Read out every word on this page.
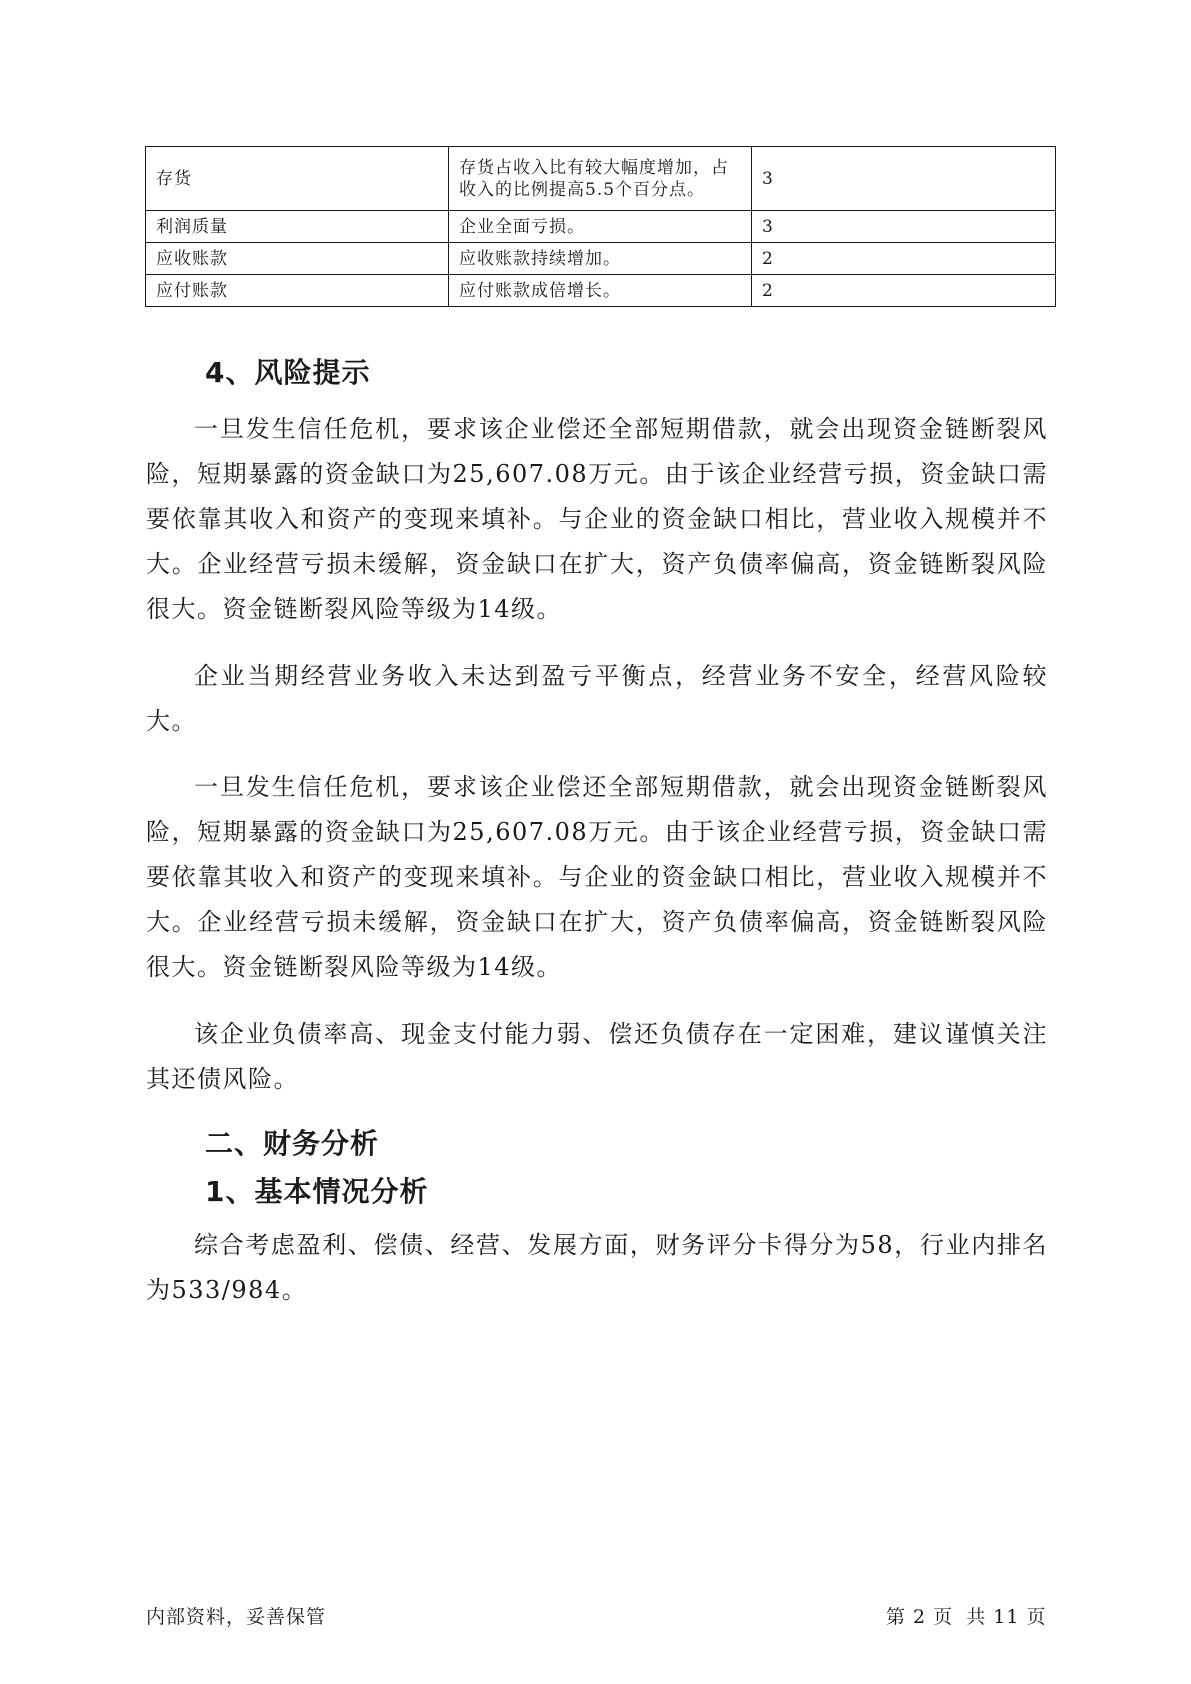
存货	存货占收入比有较大幅度增加，占收入的比例提高5.5个百分点。	3
利润质量	企业全面亏损。	3
应收账款	应收账款持续增加。	2
应付账款	应付账款成倍增长。	2
4、风险提示

一旦发生信任危机，要求该企业偿还全部短期借款，就会出现资金链断裂风险，短期暴露的资金缺口为25,607.08万元。由于该企业经营亏损，资金缺口需要依靠其收入和资产的变现来填补。与企业的资金缺口相比，营业收入规模并不大。企业经营亏损未缓解，资金缺口在扩大，资产负债率偏高，资金链断裂风险很大。资金链断裂风险等级为14级。

企业当期经营业务收入未达到盈亏平衡点，经营业务不安全，经营风险较大。

一旦发生信任危机，要求该企业偿还全部短期借款，就会出现资金链断裂风险，短期暴露的资金缺口为25,607.08万元。由于该企业经营亏损，资金缺口需要依靠其收入和资产的变现来填补。与企业的资金缺口相比，营业收入规模并不大。企业经营亏损未缓解，资金缺口在扩大，资产负债率偏高，资金链断裂风险很大。资金链断裂风险等级为14级。

该企业负债率高、现金支付能力弱、偿还负债存在一定困难，建议谨慎关注其还债风险。

二、财务分析
1、基本情况分析

综合考虑盈利、偿债、经营、发展方面，财务评分卡得分为58，行业内排名为533/984。

内部资料，妥善保管	第 2 页 共 11 页
